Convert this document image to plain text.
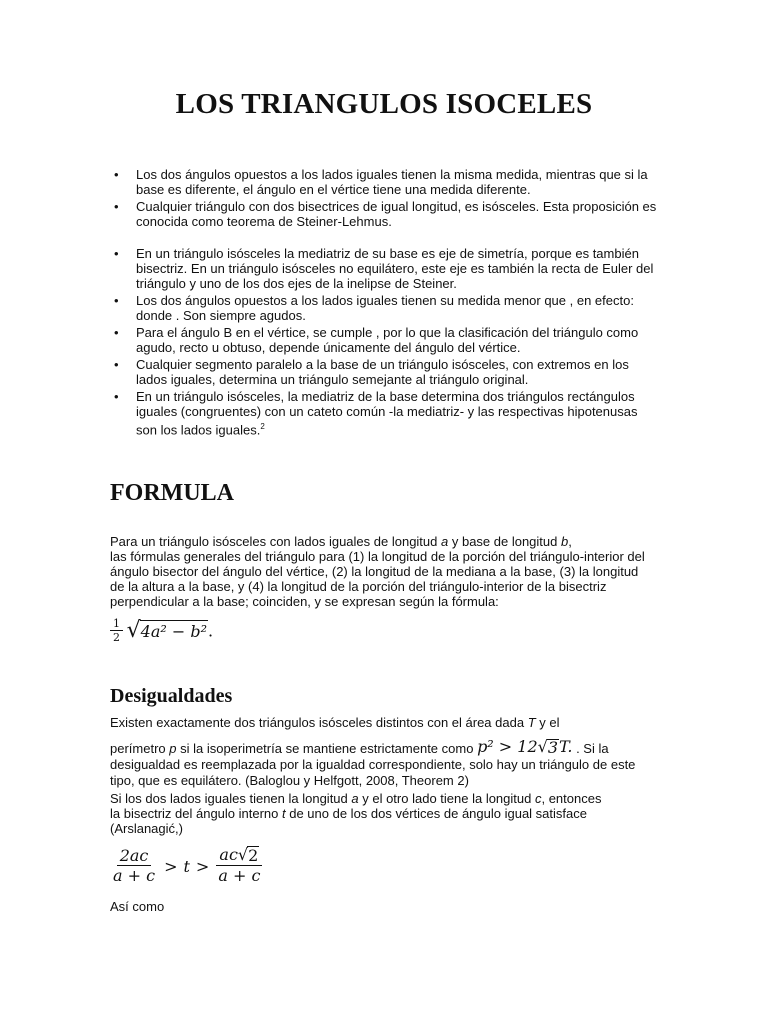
LOS TRIANGULOS ISOCELES
• Los dos ángulos opuestos a los lados iguales tienen la misma medida, mientras que si la base es diferente, el ángulo en el vértice tiene una medida diferente.
• Cualquier triángulo con dos bisectrices de igual longitud, es isósceles. Esta proposición es conocida como teorema de Steiner-Lehmus.
• En un triángulo isósceles la mediatriz de su base es eje de simetría, porque es también bisectriz. En un triángulo isósceles no equilátero, este eje es también la recta de Euler del triángulo y uno de los dos ejes de la inelipse de Steiner.
• Los dos ángulos opuestos a los lados iguales tienen su medida menor que , en efecto: donde . Son siempre agudos.
• Para el ángulo B en el vértice, se cumple , por lo que la clasificación del triángulo como agudo, recto u obtuso, depende únicamente del ángulo del vértice.
• Cualquier segmento paralelo a la base de un triángulo isósceles, con extremos en los lados iguales, determina un triángulo semejante al triángulo original.
• En un triángulo isósceles, la mediatriz de la base determina dos triángulos rectángulos iguales (congruentes) con un cateto común -la mediatriz- y las respectivas hipotenusas son los lados iguales.$^2$
FORMULA

Para un triángulo isósceles con lados iguales de longitud a y base de longitud b,
las fórmulas generales del triángulo para (1) la longitud de la porción del triángulo-interior del ángulo bisector del ángulo del vértice, (2) la longitud de la mediana a la base, (3) la longitud de la altura a la base, y (4) la longitud de la porción del triángulo-interior de la bisectriz perpendicular a la base; coinciden, y se expresan según la fórmula:

$\frac{1}{2}$
√ 4a² − b² .
Desigualdades

Existen exactamente dos triángulos isósceles distintos con el área dada T y el
perímetro p si la isoperimetría se mantiene estrictamente como p² > 12 √ 3 T. . Si la desigualdad es reemplazada por la igualdad correspondiente, solo hay un triángulo de este tipo, que es equilátero. (Baloglou y Helfgott, 2008, Theorem 2)

Si los dos lados iguales tienen la longitud a y el otro lado tiene la longitud c, entonces
la bisectriz del ángulo interno t de uno de los dos vértices de ángulo igual satisface
(Arslanagić,)

$\frac{2ac}{a + c} > t > \frac{ac √ 2}{a + c}$

Así como
